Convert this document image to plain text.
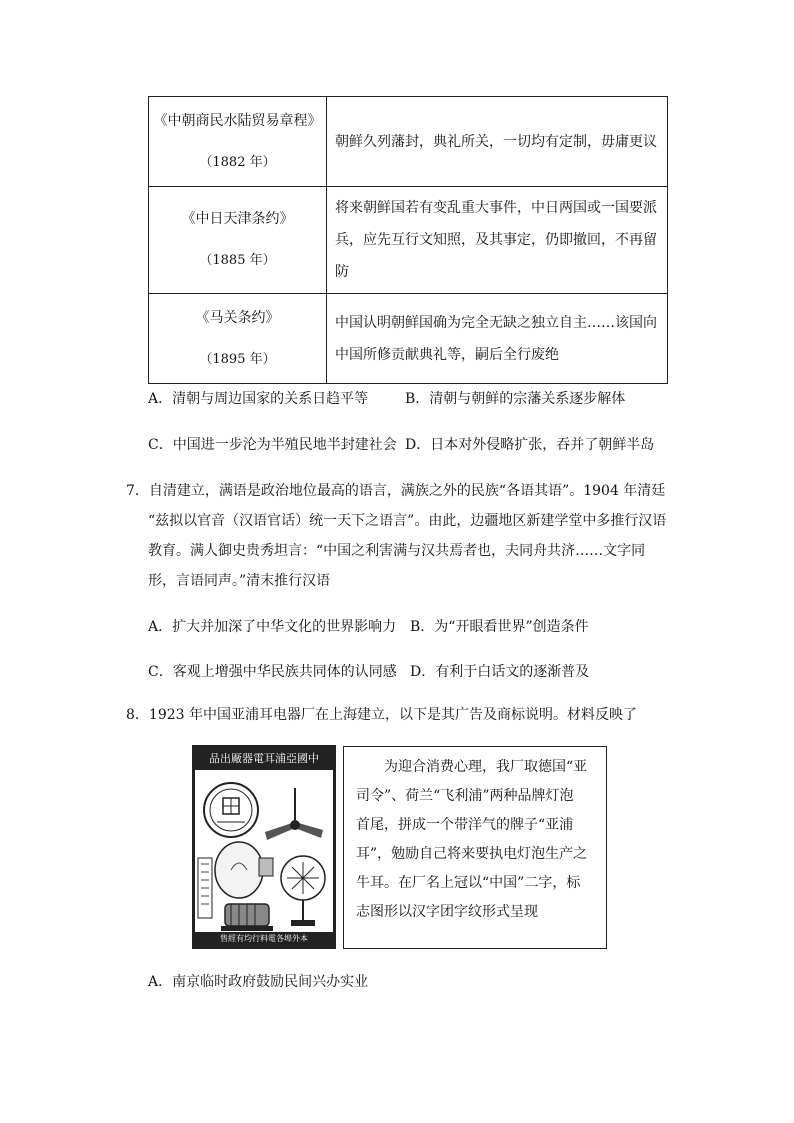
《中朝商民水陆贸易章程》
（1882 年）	朝鲜久列藩封，典礼所关，一切均有定制，毋庸更议

《中日天津条约》
（1885 年）	将来朝鲜国若有变乱重大事件，中日两国或一国要派兵，应先互行文知照，及其事定，仍即撤回，不再留防

《马关条约》
（1895 年）	中国认明朝鲜国确为完全无缺之独立自主……该国向中国所修贡献典礼等，嗣后全行废绝
A．清朝与周边国家的关系日趋平等	B．清朝与朝鲜的宗藩关系逐步解体
C．中国进一步沦为半殖民地半封建社会 D．日本对外侵略扩张，吞并了朝鲜半岛
7．自清建立，满语是政治地位最高的语言，满族之外的民族“各语其语”。1904 年清廷
“兹拟以官音（汉语官话）统一天下之语言”。由此，边疆地区新建学堂中多推行汉语
教育。满人御史贵秀坦言：“中国之利害满与汉共焉者也，夫同舟共济……文字同
形，言语同声。”清末推行汉语
A．扩大并加深了中华文化的世界影响力 B．为“开眼看世界”创造条件
C．客观上增强中华民族共同体的认同感 D．有利于白话文的逐渐普及
8．1923 年中国亚浦耳电器厂在上海建立，以下是其广告及商标说明。材料反映了
品出厰器電耳浦亞國中
售經有均行料電各埠外本
为迎合消费心理，我厂取德国“亚
司令”、荷兰“飞利浦”两种品牌灯泡
首尾，拼成一个带洋气的牌子“亚浦
耳”，勉励自己将来要执电灯泡生产之
牛耳。在厂名上冠以“中国”二字，标
志图形以汉字团字纹形式呈现
A．南京临时政府鼓励民间兴办实业
